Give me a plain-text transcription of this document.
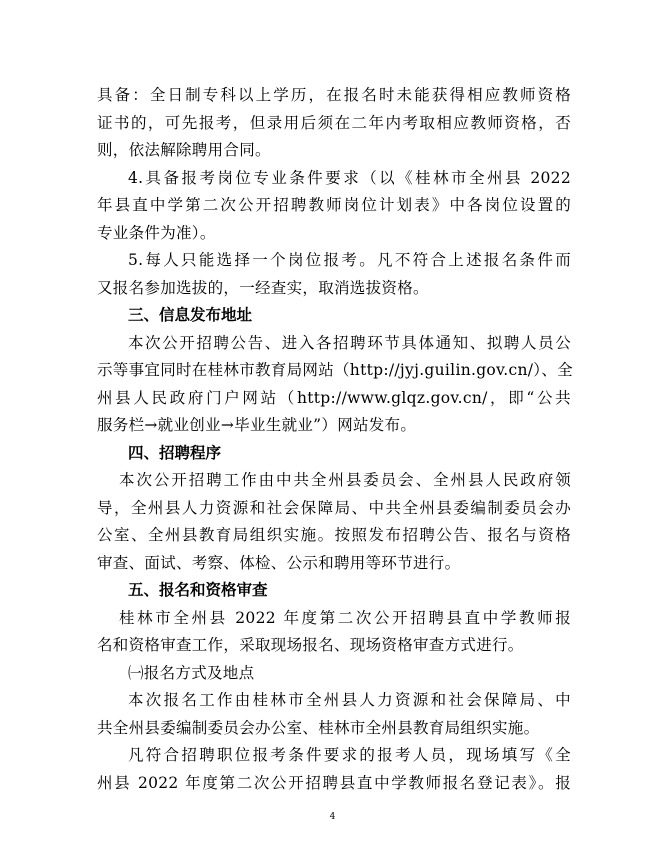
具备：全日制专科以上学历，在报名时未能获得相应教师资格
证书的，可先报考，但录用后须在二年内考取相应教师资格，否
则，依法解除聘用合同。
4.具备报考岗位专业条件要求（以《桂林市全州县 2022
年县直中学第二次公开招聘教师岗位计划表》中各岗位设置的
专业条件为准）。
5.每人只能选择一个岗位报考。凡不符合上述报名条件而
又报名参加选拔的，一经查实，取消选拔资格。
三、信息发布地址
本次公开招聘公告、进入各招聘环节具体通知、拟聘人员公
示等事宜同时在桂林市教育局网站（http://jyj.guilin.gov.cn/）、全
州县人民政府门户网站（http://www.glqz.gov.cn/，即“公共
服务栏→就业创业→毕业生就业”）网站发布。
四、招聘程序
本次公开招聘工作由中共全州县委员会、全州县人民政府领
导，全州县人力资源和社会保障局、中共全州县委编制委员会办
公室、全州县教育局组织实施。按照发布招聘公告、报名与资格
审查、面试、考察、体检、公示和聘用等环节进行。
五、报名和资格审查
桂林市全州县 2022 年度第二次公开招聘县直中学教师报
名和资格审查工作，采取现场报名、现场资格审查方式进行。
㈠报名方式及地点
本次报名工作由桂林市全州县人力资源和社会保障局、中
共全州县委编制委员会办公室、桂林市全州县教育局组织实施。
凡符合招聘职位报考条件要求的报考人员，现场填写《全
州县 2022 年度第二次公开招聘县直中学教师报名登记表》。报
4
